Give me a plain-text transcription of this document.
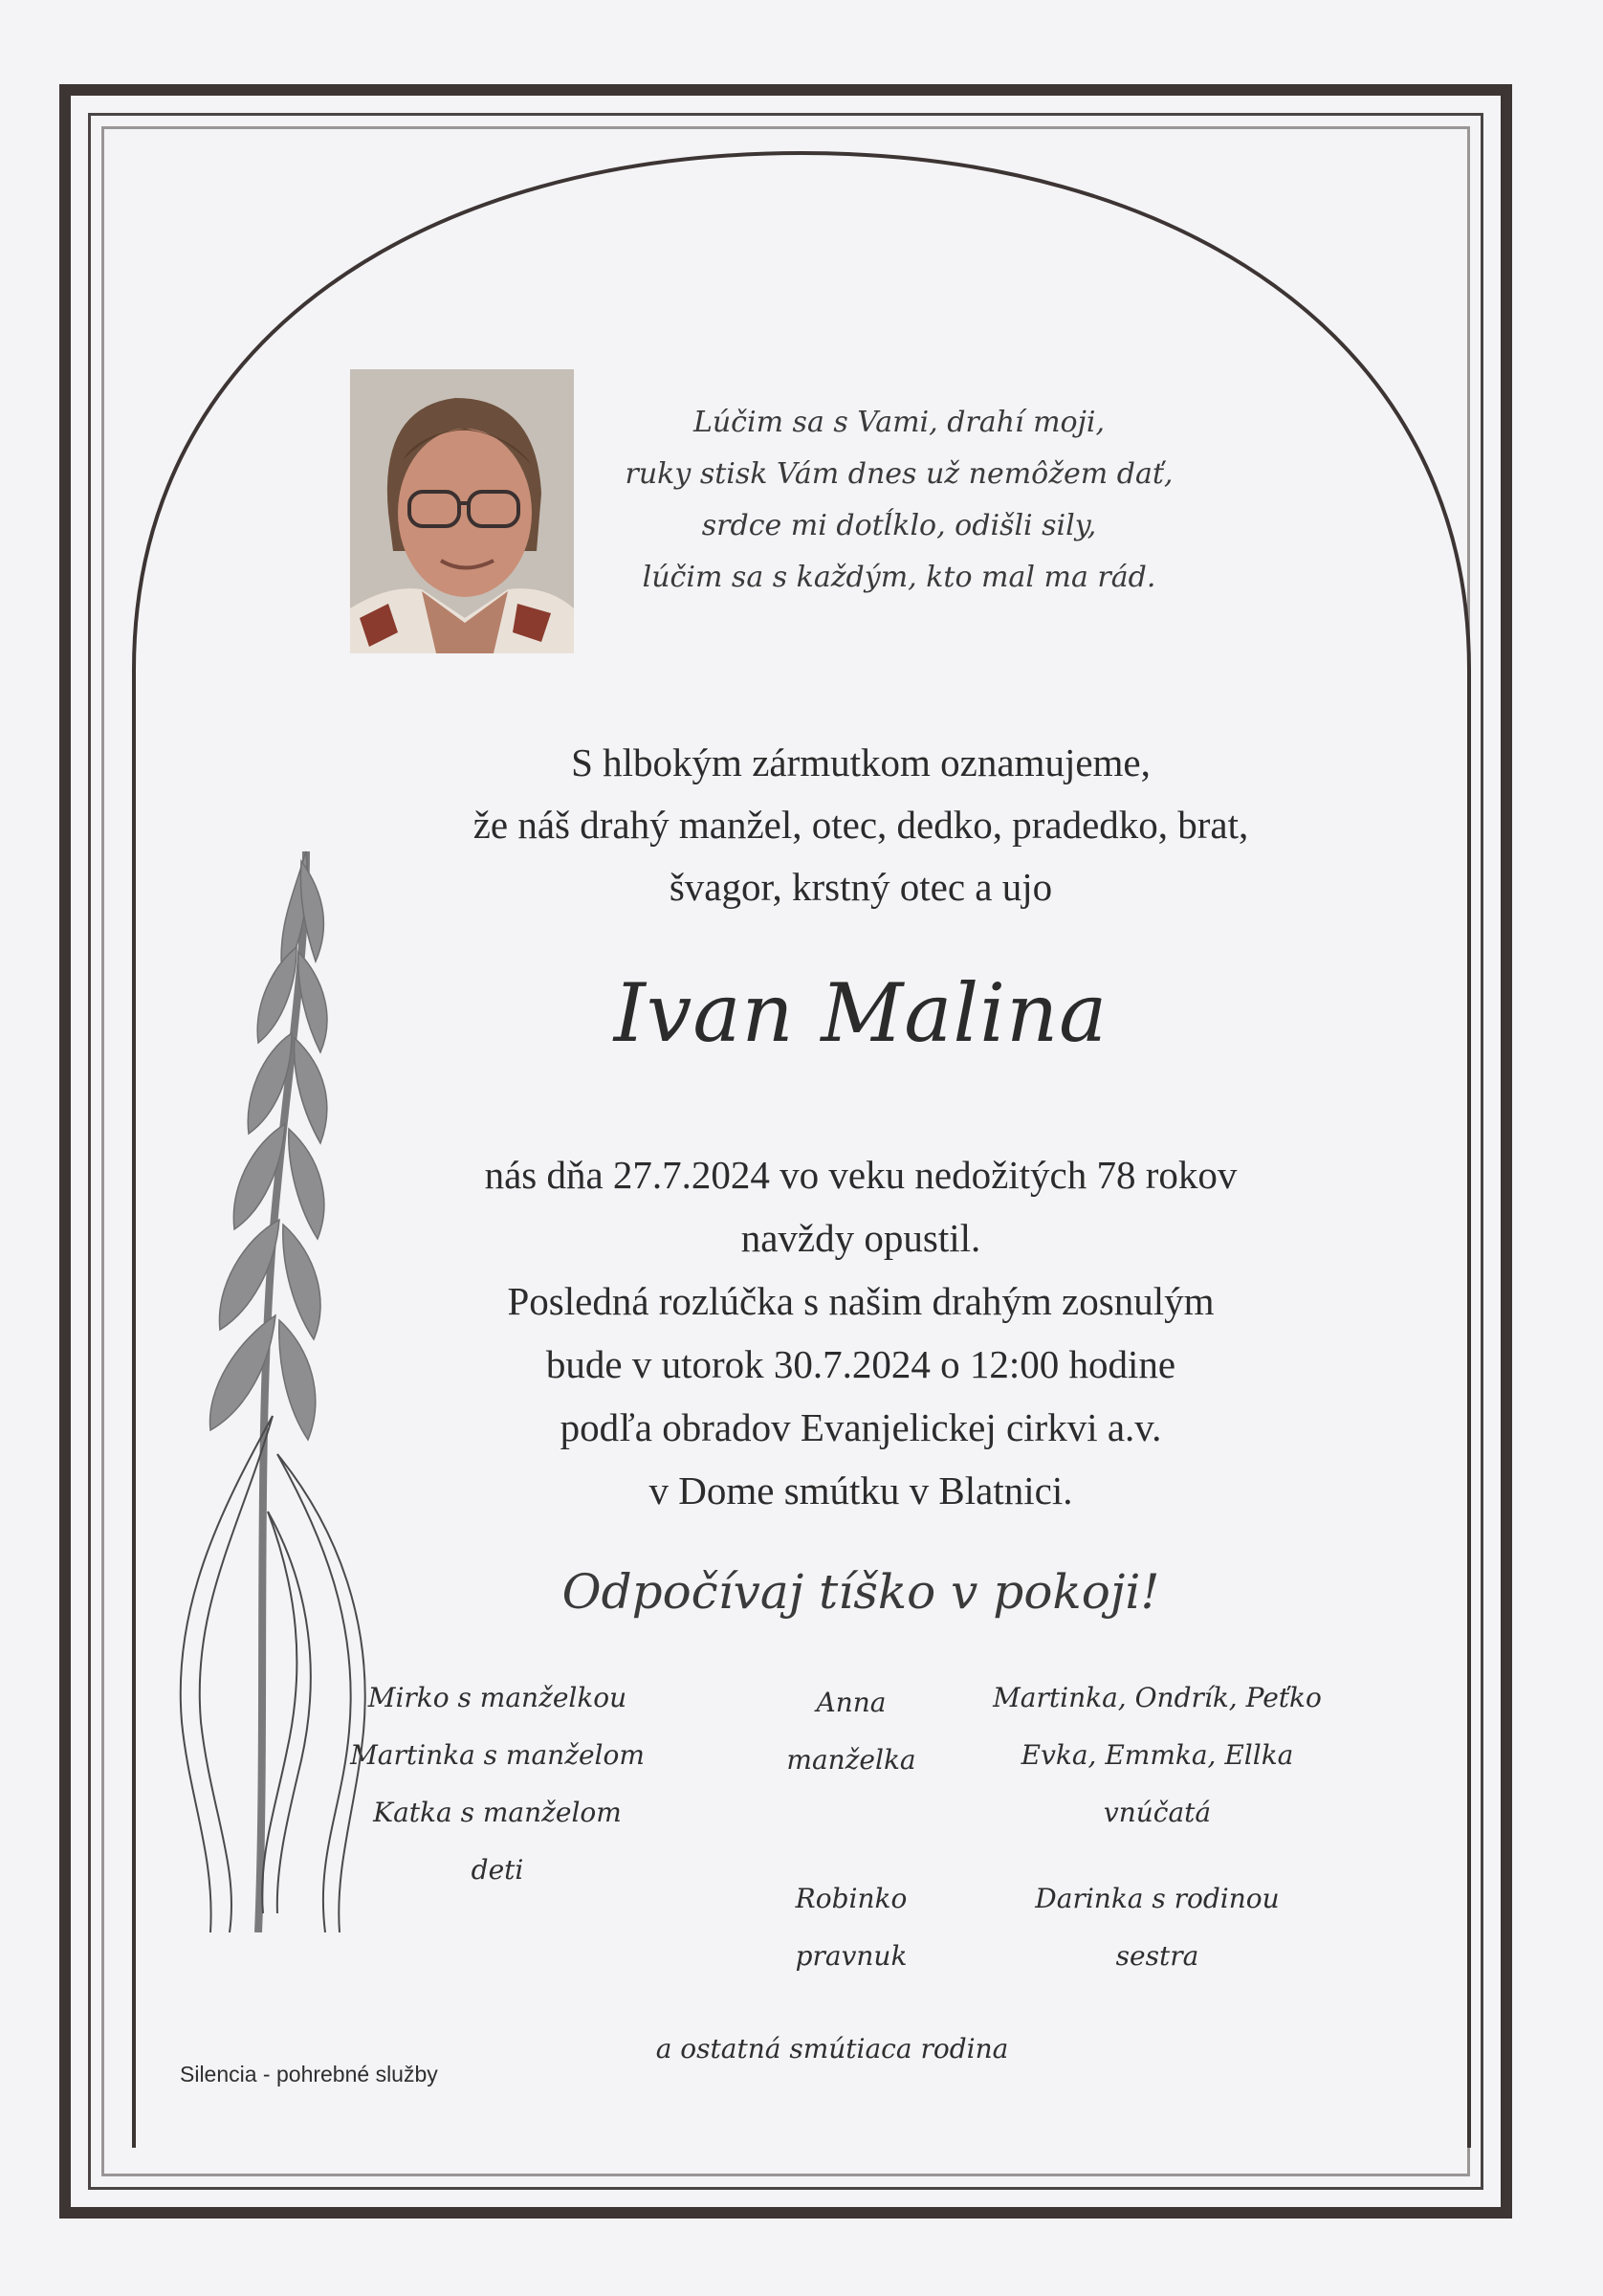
Lúčim sa s Vami, drahí moji,
ruky stisk Vám dnes už nemôžem dať,
srdce mi dotĺklo, odišli sily,
lúčim sa s každým, kto mal ma rád.
S hlbokým zármutkom oznamujeme,
že náš drahý manžel, otec, dedko, pradedko, brat,
švagor, krstný otec a ujo
Ivan Malina
nás dňa 27.7.2024 vo veku nedožitých 78 rokov
navždy opustil.
Posledná rozlúčka s našim drahým zosnulým
bude v utorok 30.7.2024 o 12:00 hodine
podľa obradov Evanjelickej cirkvi a.v.
v Dome smútku v Blatnici.
Odpočívaj tíško v pokoji!
Mirko s manželkou
Martinka s manželom
Katka s manželom
deti
Anna
manželka
Martinka, Ondrík, Peťko
Evka, Emmka, Ellka
vnúčatá
Robinko
pravnuk
Darinka s rodinou
sestra
a ostatná smútiaca rodina
Silencia - pohrebné služby
